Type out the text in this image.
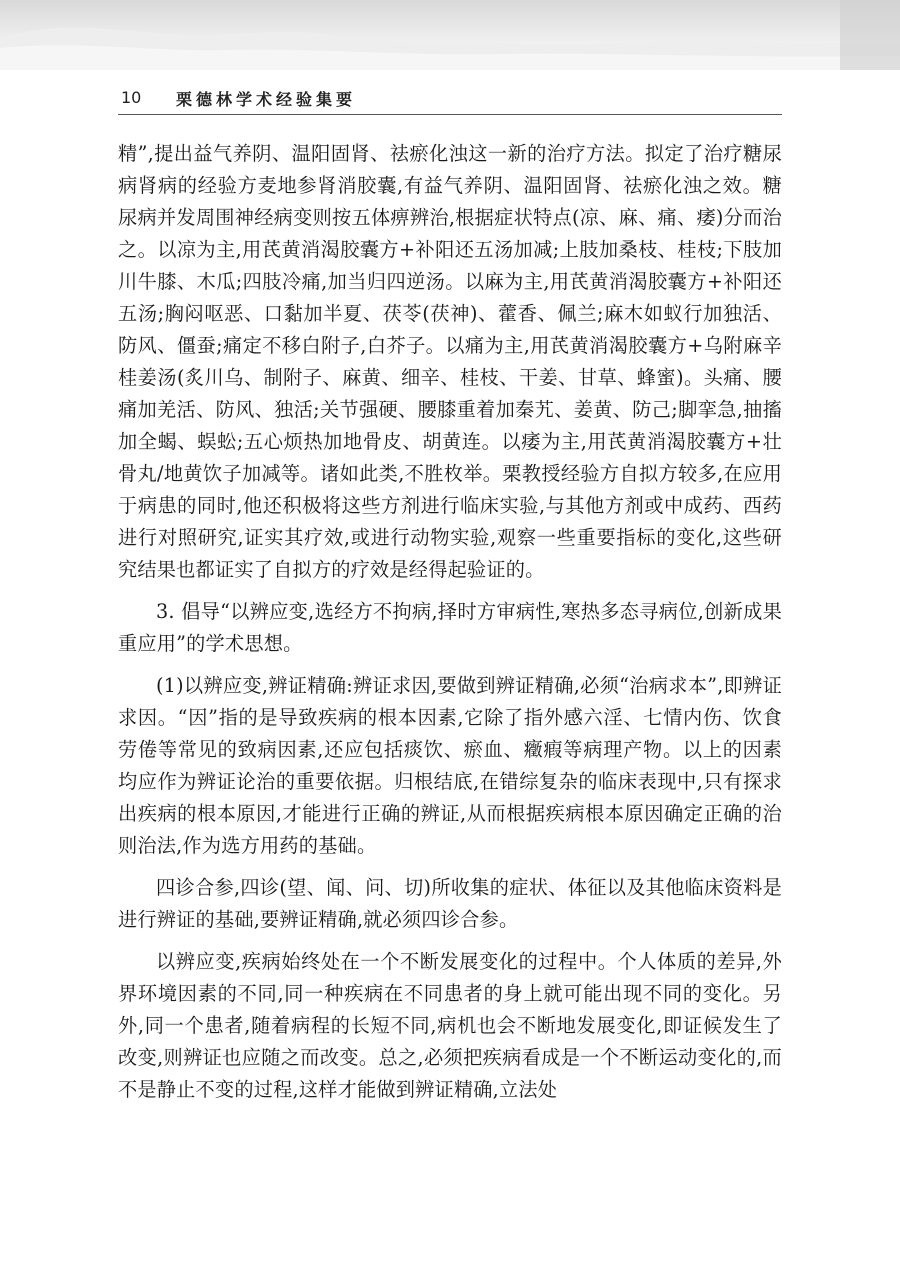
10 栗德林学术经验集要

精”,提出益气养阴、温阳固肾、祛瘀化浊这一新的治疗方法。拟定了治疗糖尿病肾病的经验方麦地参肾消胶囊,有益气养阴、温阳固肾、祛瘀化浊之效。糖尿病并发周围神经病变则按五体痹辨治,根据症状特点(凉、麻、痛、痿)分而治之。以凉为主,用芪黄消渴胶囊方+补阳还五汤加减;上肢加桑枝、桂枝;下肢加川牛膝、木瓜;四肢冷痛,加当归四逆汤。以麻为主,用芪黄消渴胶囊方+补阳还五汤;胸闷呕恶、口黏加半夏、茯苓(茯神)、藿香、佩兰;麻木如蚁行加独活、防风、僵蚕;痛定不移白附子,白芥子。以痛为主,用芪黄消渴胶囊方+乌附麻辛桂姜汤(炙川乌、制附子、麻黄、细辛、桂枝、干姜、甘草、蜂蜜)。头痛、腰痛加羌活、防风、独活;关节强硬、腰膝重着加秦艽、姜黄、防己;脚挛急,抽搐加全蝎、蜈蚣;五心烦热加地骨皮、胡黄连。以痿为主,用芪黄消渴胶囊方+壮骨丸/地黄饮子加减等。诸如此类,不胜枚举。栗教授经验方自拟方较多,在应用于病患的同时,他还积极将这些方剂进行临床实验,与其他方剂或中成药、西药进行对照研究,证实其疗效,或进行动物实验,观察一些重要指标的变化,这些研究结果也都证实了自拟方的疗效是经得起验证的。

3. 倡导“以辨应变,选经方不拘病,择时方审病性,寒热多态寻病位,创新成果重应用”的学术思想。

(1)以辨应变,辨证精确:辨证求因,要做到辨证精确,必须“治病求本”,即辨证求因。“因”指的是导致疾病的根本因素,它除了指外感六淫、七情内伤、饮食劳倦等常见的致病因素,还应包括痰饮、瘀血、癥瘕等病理产物。以上的因素均应作为辨证论治的重要依据。归根结底,在错综复杂的临床表现中,只有探求出疾病的根本原因,才能进行正确的辨证,从而根据疾病根本原因确定正确的治则治法,作为选方用药的基础。

四诊合参,四诊(望、闻、问、切)所收集的症状、体征以及其他临床资料是进行辨证的基础,要辨证精确,就必须四诊合参。

以辨应变,疾病始终处在一个不断发展变化的过程中。个人体质的差异,外界环境因素的不同,同一种疾病在不同患者的身上就可能出现不同的变化。另外,同一个患者,随着病程的长短不同,病机也会不断地发展变化,即证候发生了改变,则辨证也应随之而改变。总之,必须把疾病看成是一个不断运动变化的,而不是静止不变的过程,这样才能做到辨证精确,立法处
